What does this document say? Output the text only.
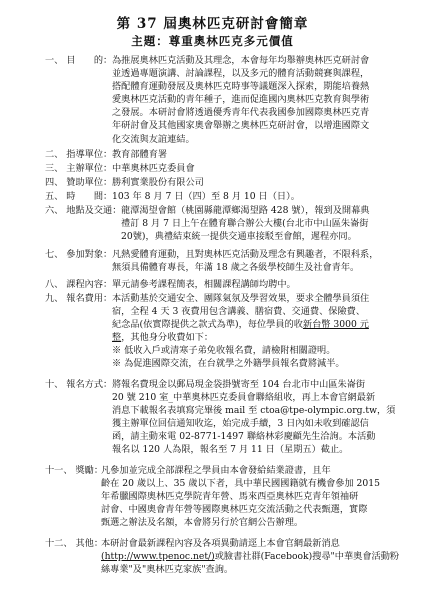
第 37 屆奧林匹克研討會簡章
主題：尊重奧林匹克多元價值
一、 目　　的： 為推展奧林匹克活動及其理念，本會每年均舉辦奧林匹克研討會
並透過專題演講、討論課程，以及多元的體育活動競賽與課程，
搭配體育運動發展及奧林匹克時事等議題深入探索，期能培養熱
愛奧林匹克活動的青年種子，進而促進國內奧林匹克教育與學術
之發展。本研討會將透過優秀青年代表我國參加國際奧林匹克青
年研討會及其他國家奧會舉辦之奧林匹克研討會，以增進國際文
化交流與友誼連結。
二、 指導單位： 教育部體育署
三、 主辦單位： 中華奧林匹克委員會
四、 贊助單位： 勝利實業股份有限公司
五、 時　　間： 103 年 8 月 7 日（四）至 8 月 10 日（日）。
六、 地點及交通： 龍潭渴望會館（桃園縣龍潭鄉渴望路 428 號），報到及開幕典
禮訂 8 月 7 日上午在體育聯合辦公大樓(台北市中山區朱崙街
20號)，典禮結束統一提供交通車接駁至會館，遲程亦同。
七、 參加對象： 凡熱愛體育運動，且對奧林匹克活動及理念有興趣者，不限科系，
無須具備體育專長，年滿 18 歲之各級學校師生及社會青年。
八、 課程內容： 單元請參考課程簡表，相關課程講師均聘中。
九、 報名費用： 本活動基於交通安全、團隊氣氛及學習效果，要求全體學員須住
宿，全程 4 天 3 夜費用包含講義、膳宿費、交通費、保險費、
紀念品(依實際提供之款式為準)，每位學員的收新台幣 3000 元
整，其他身分收費如下：
※ 低收入戶或清寒子弟免收報名費，請檢附相關證明。
※ 為促進國際交流，在台就學之外籍學員報名費將減半。
十、 報名方式： 將報名費現金以郵局現金袋掛號寄至 104 台北市中山區朱崙街
20 號 210 室_中華奧林匹克委員會聯絡組收，再上本會官網最新
消息下載報名表填寫完畢後 mail 至 ctoa@tpe-olympic.org.tw，須
獲主辦單位回信通知收迄，始完成手續，3 日內如未收到確認信
函，請主動來電 02-8771-1497 聯絡林彩慶顧先生洽詢。本活動
報名以 120 人為限，報名至 7 月 11 日（星期五）截止。
十一、 獎勵：
凡參加並完成全部課程之學員由本會發給結業證書，且年
齡在 20 歲以上、35 歲以下者，具中華民國國籍就有機會參加 2015
年希臘國際奧林匹克學院青年營、馬來西亞奧林匹克青年領袖研
討會、中國奧會青年營等國際奧林匹克交流活動之代表甄選，實際
甄選之辦法及名額，本會將另行於官網公告辦理。
十二、 其他：
本研討會最新課程內容及各項異動請逕上本會官網最新消息
(http://www.tpenoc.net/)或臉書社群(Facebook)搜尋"中華奧會活動粉
絲專業"及"奧林匹克家族"查詢。
